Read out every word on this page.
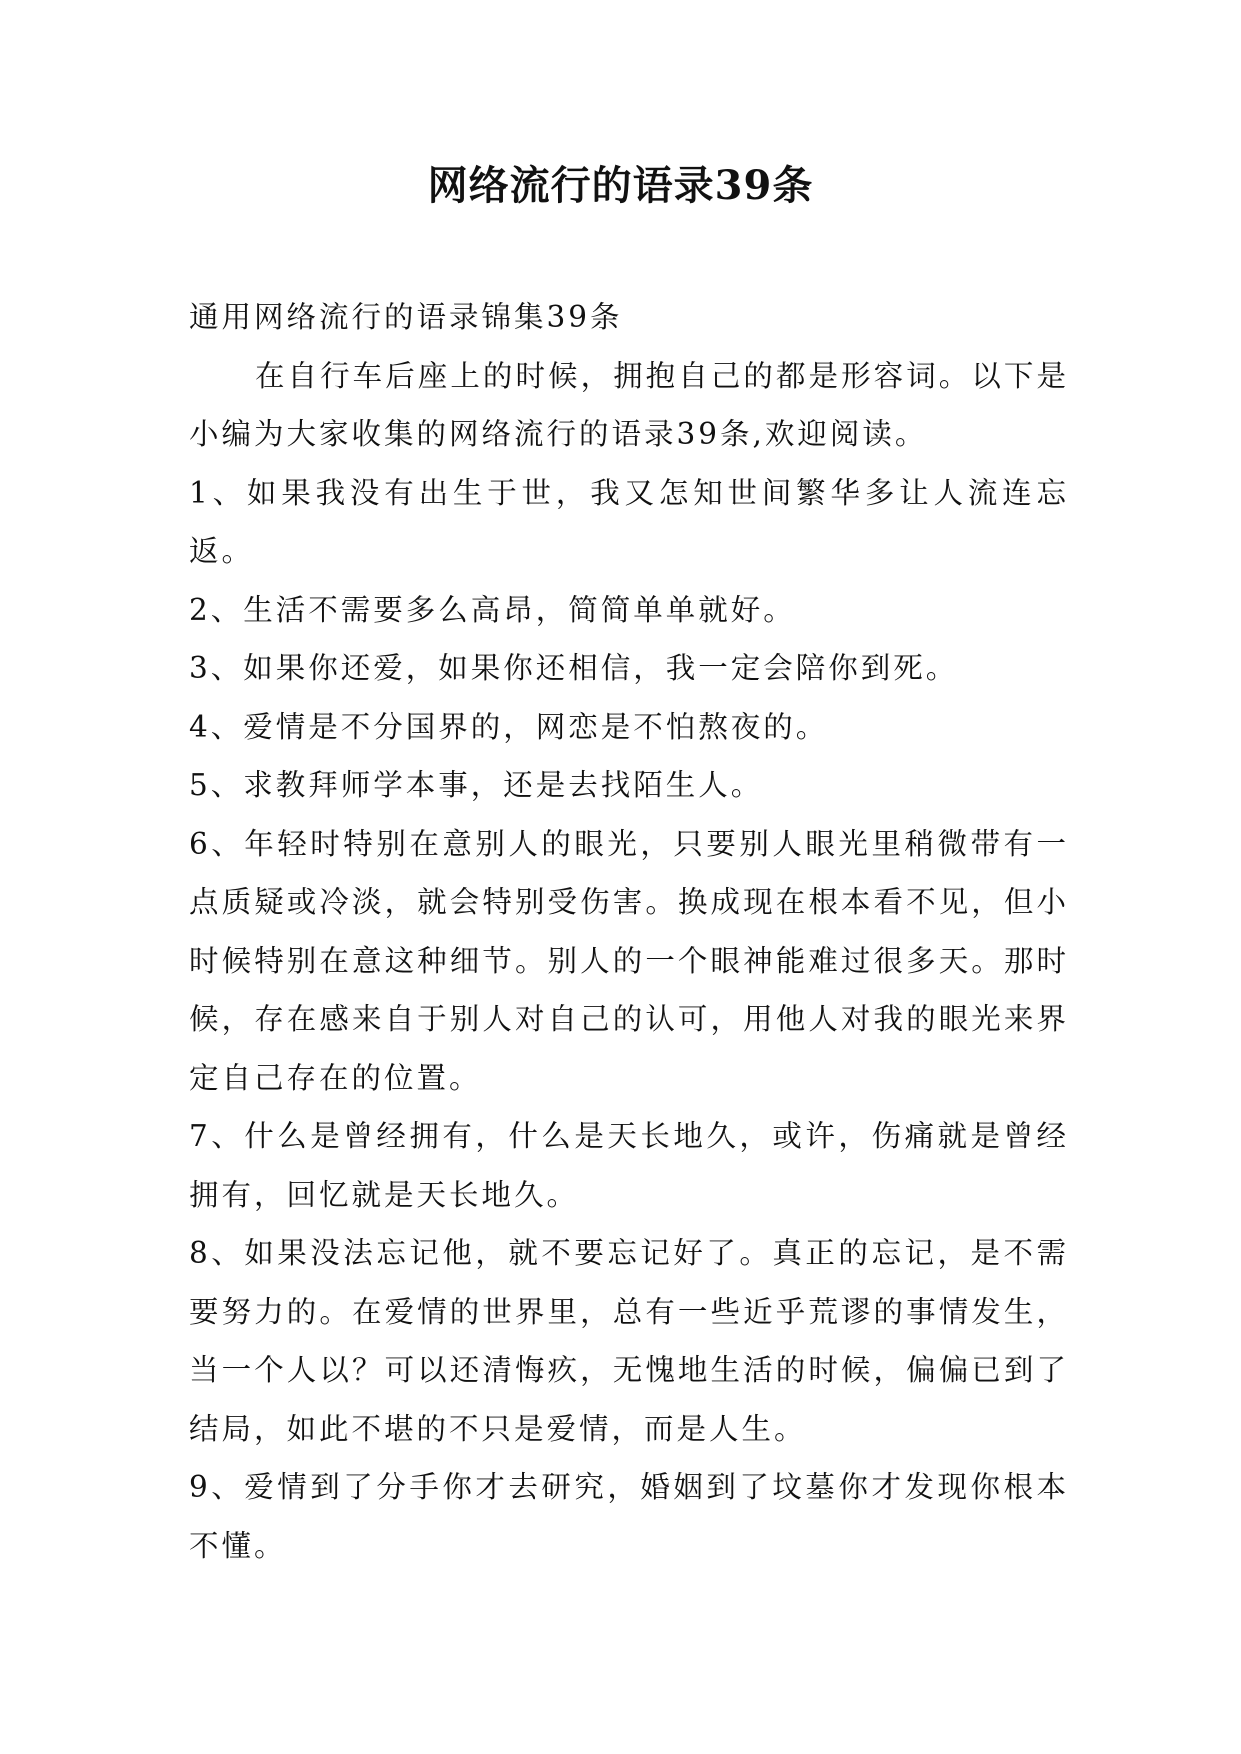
网络流行的语录39条

通用网络流行的语录锦集39条

在自行车后座上的时候，拥抱自己的都是形容词。以下是小编为大家收集的网络流行的语录39条,欢迎阅读。

1、如果我没有出生于世，我又怎知世间繁华多让人流连忘返。

2、生活不需要多么高昂，简简单单就好。

3、如果你还爱，如果你还相信，我一定会陪你到死。

4、爱情是不分国界的，网恋是不怕熬夜的。

5、求教拜师学本事，还是去找陌生人。

6、年轻时特别在意别人的眼光，只要别人眼光里稍微带有一点质疑或冷淡，就会特别受伤害。换成现在根本看不见，但小时候特别在意这种细节。别人的一个眼神能难过很多天。那时候，存在感来自于别人对自己的认可，用他人对我的眼光来界定自己存在的位置。

7、什么是曾经拥有，什么是天长地久，或许，伤痛就是曾经拥有，回忆就是天长地久。

8、如果没法忘记他，就不要忘记好了。真正的忘记，是不需要努力的。在爱情的世界里，总有一些近乎荒谬的事情发生，当一个人以？可以还清悔疚，无愧地生活的时候，偏偏已到了结局，如此不堪的不只是爱情，而是人生。

9、爱情到了分手你才去研究，婚姻到了坟墓你才发现你根本不懂。
